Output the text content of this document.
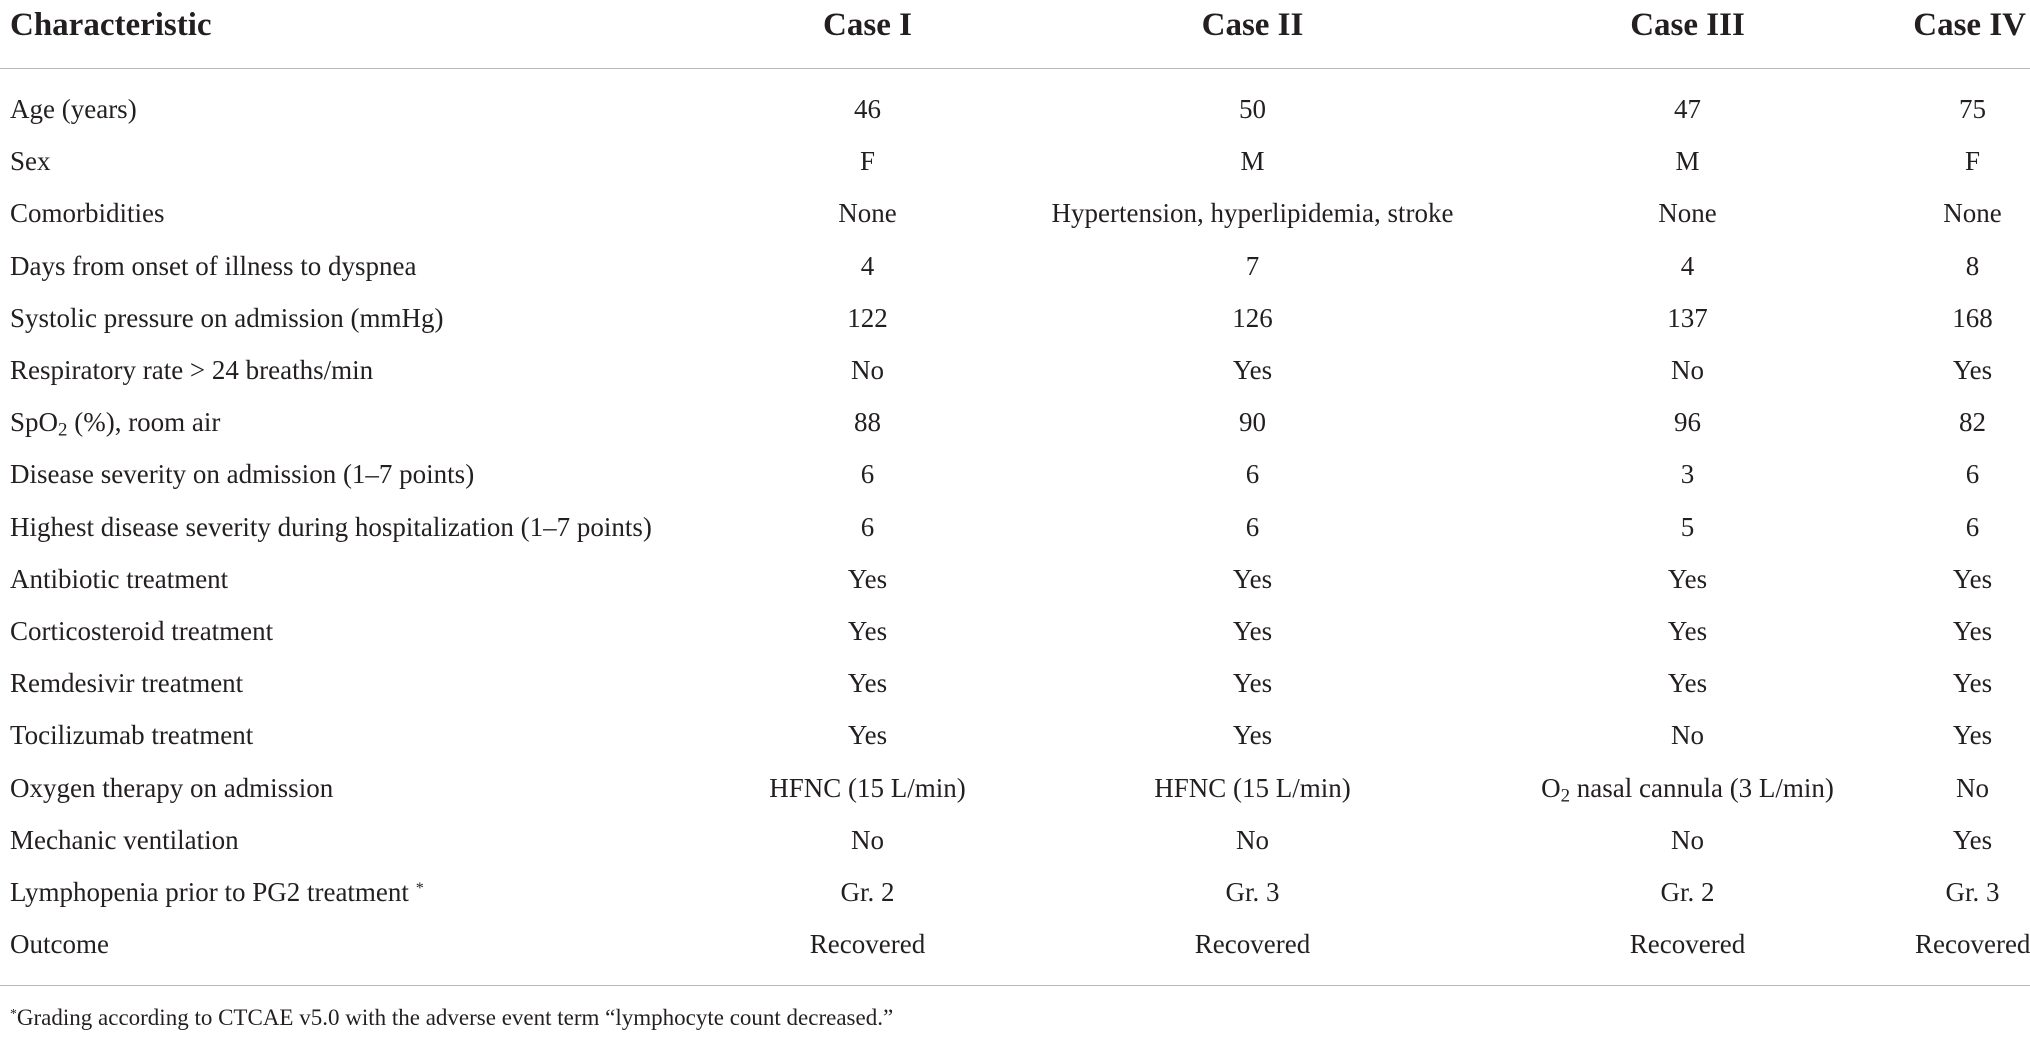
Characteristic	Case I	Case II	Case III	Case IV
Age (years)	46	50	47	75
Sex	F	M	M	F
Comorbidities	None	Hypertension, hyperlipidemia, stroke	None	None
Days from onset of illness to dyspnea	4	7	4	8
Systolic pressure on admission (mmHg)	122	126	137	168
Respiratory rate > 24 breaths/min	No	Yes	No	Yes
SpO$_2$ (%), room air	88	90	96	82
Disease severity on admission (1–7 points)	6	6	3	6
Highest disease severity during hospitalization (1–7 points)	6	6	5	6
Antibiotic treatment	Yes	Yes	Yes	Yes
Corticosteroid treatment	Yes	Yes	Yes	Yes
Remdesivir treatment	Yes	Yes	Yes	Yes
Tocilizumab treatment	Yes	Yes	No	Yes
Oxygen therapy on admission	HFNC (15 L/min)	HFNC (15 L/min)	$O_2$ nasal cannula (3 L/min)	No
Mechanic ventilation	No	No	No	Yes
Lymphopenia prior to PG2 treatment *	Gr. 2	Gr. 3	Gr. 2	Gr. 3
Outcome	Recovered	Recovered	Recovered	Recovered
*Grading according to CTCAE v5.0 with the adverse event term “lymphocyte count decreased.”
